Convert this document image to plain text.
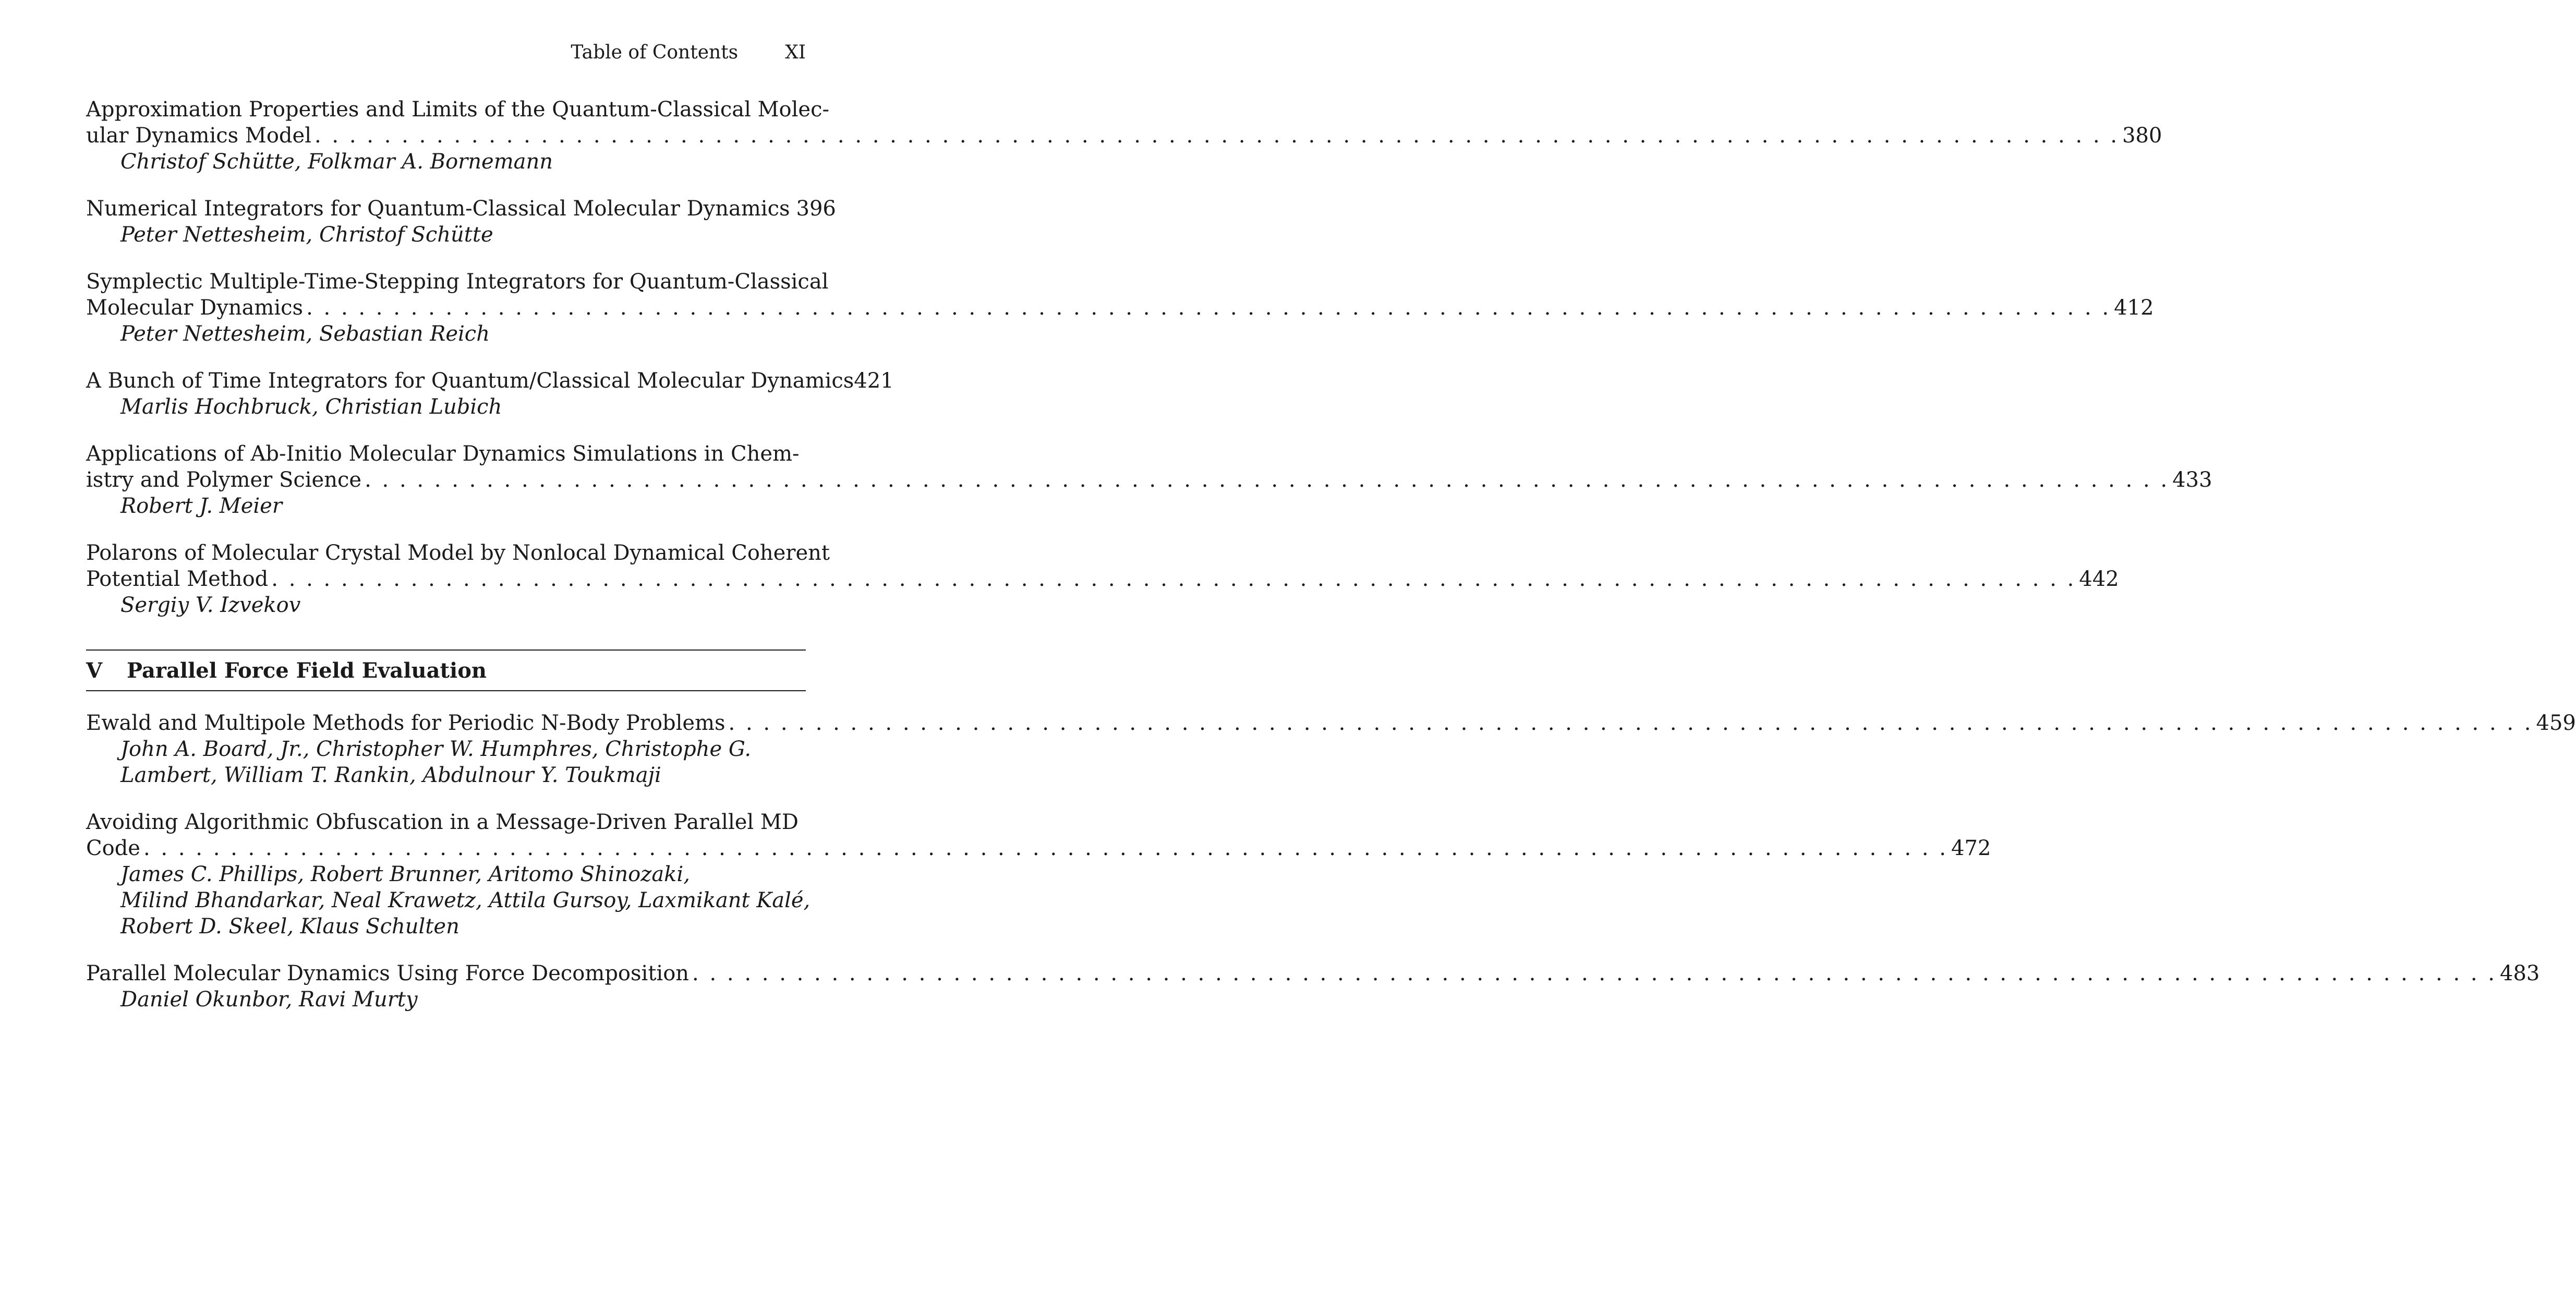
Table of Contents	XI
Approximation Properties and Limits of the Quantum-Classical Molec-
ular Dynamics Model . . .	380
Christof Schütte, Folkmar A. Bornemann
Numerical Integrators for Quantum-Classical Molecular Dynamics 396
Peter Nettesheim, Christof Schütte
Symplectic Multiple-Time-Stepping Integrators for Quantum-Classical
Molecular Dynamics . . .	412
Peter Nettesheim, Sebastian Reich
A Bunch of Time Integrators for Quantum/Classical Molecular Dynamics 421
Marlis Hochbruck, Christian Lubich
Applications of Ab-Initio Molecular Dynamics Simulations in Chem-
istry and Polymer Science . . .	433
Robert J. Meier
Polarons of Molecular Crystal Model by Nonlocal Dynamical Coherent
Potential Method . . .	442
Sergiy V. Izvekov
V	Parallel Force Field Evaluation
Ewald and Multipole Methods for Periodic N-Body Problems . . .	459
John A. Board, Jr., Christopher W. Humphres, Christophe G.
Lambert, William T. Rankin, Abdulnour Y. Toukmaji
Avoiding Algorithmic Obfuscation in a Message-Driven Parallel MD
Code . . .	472
James C. Phillips, Robert Brunner, Aritomo Shinozaki,
Milind Bhandarkar, Neal Krawetz, Attila Gursoy, Laxmikant Kalé,
Robert D. Skeel, Klaus Schulten
Parallel Molecular Dynamics Using Force Decomposition . . .	483
Daniel Okunbor, Ravi Murty
